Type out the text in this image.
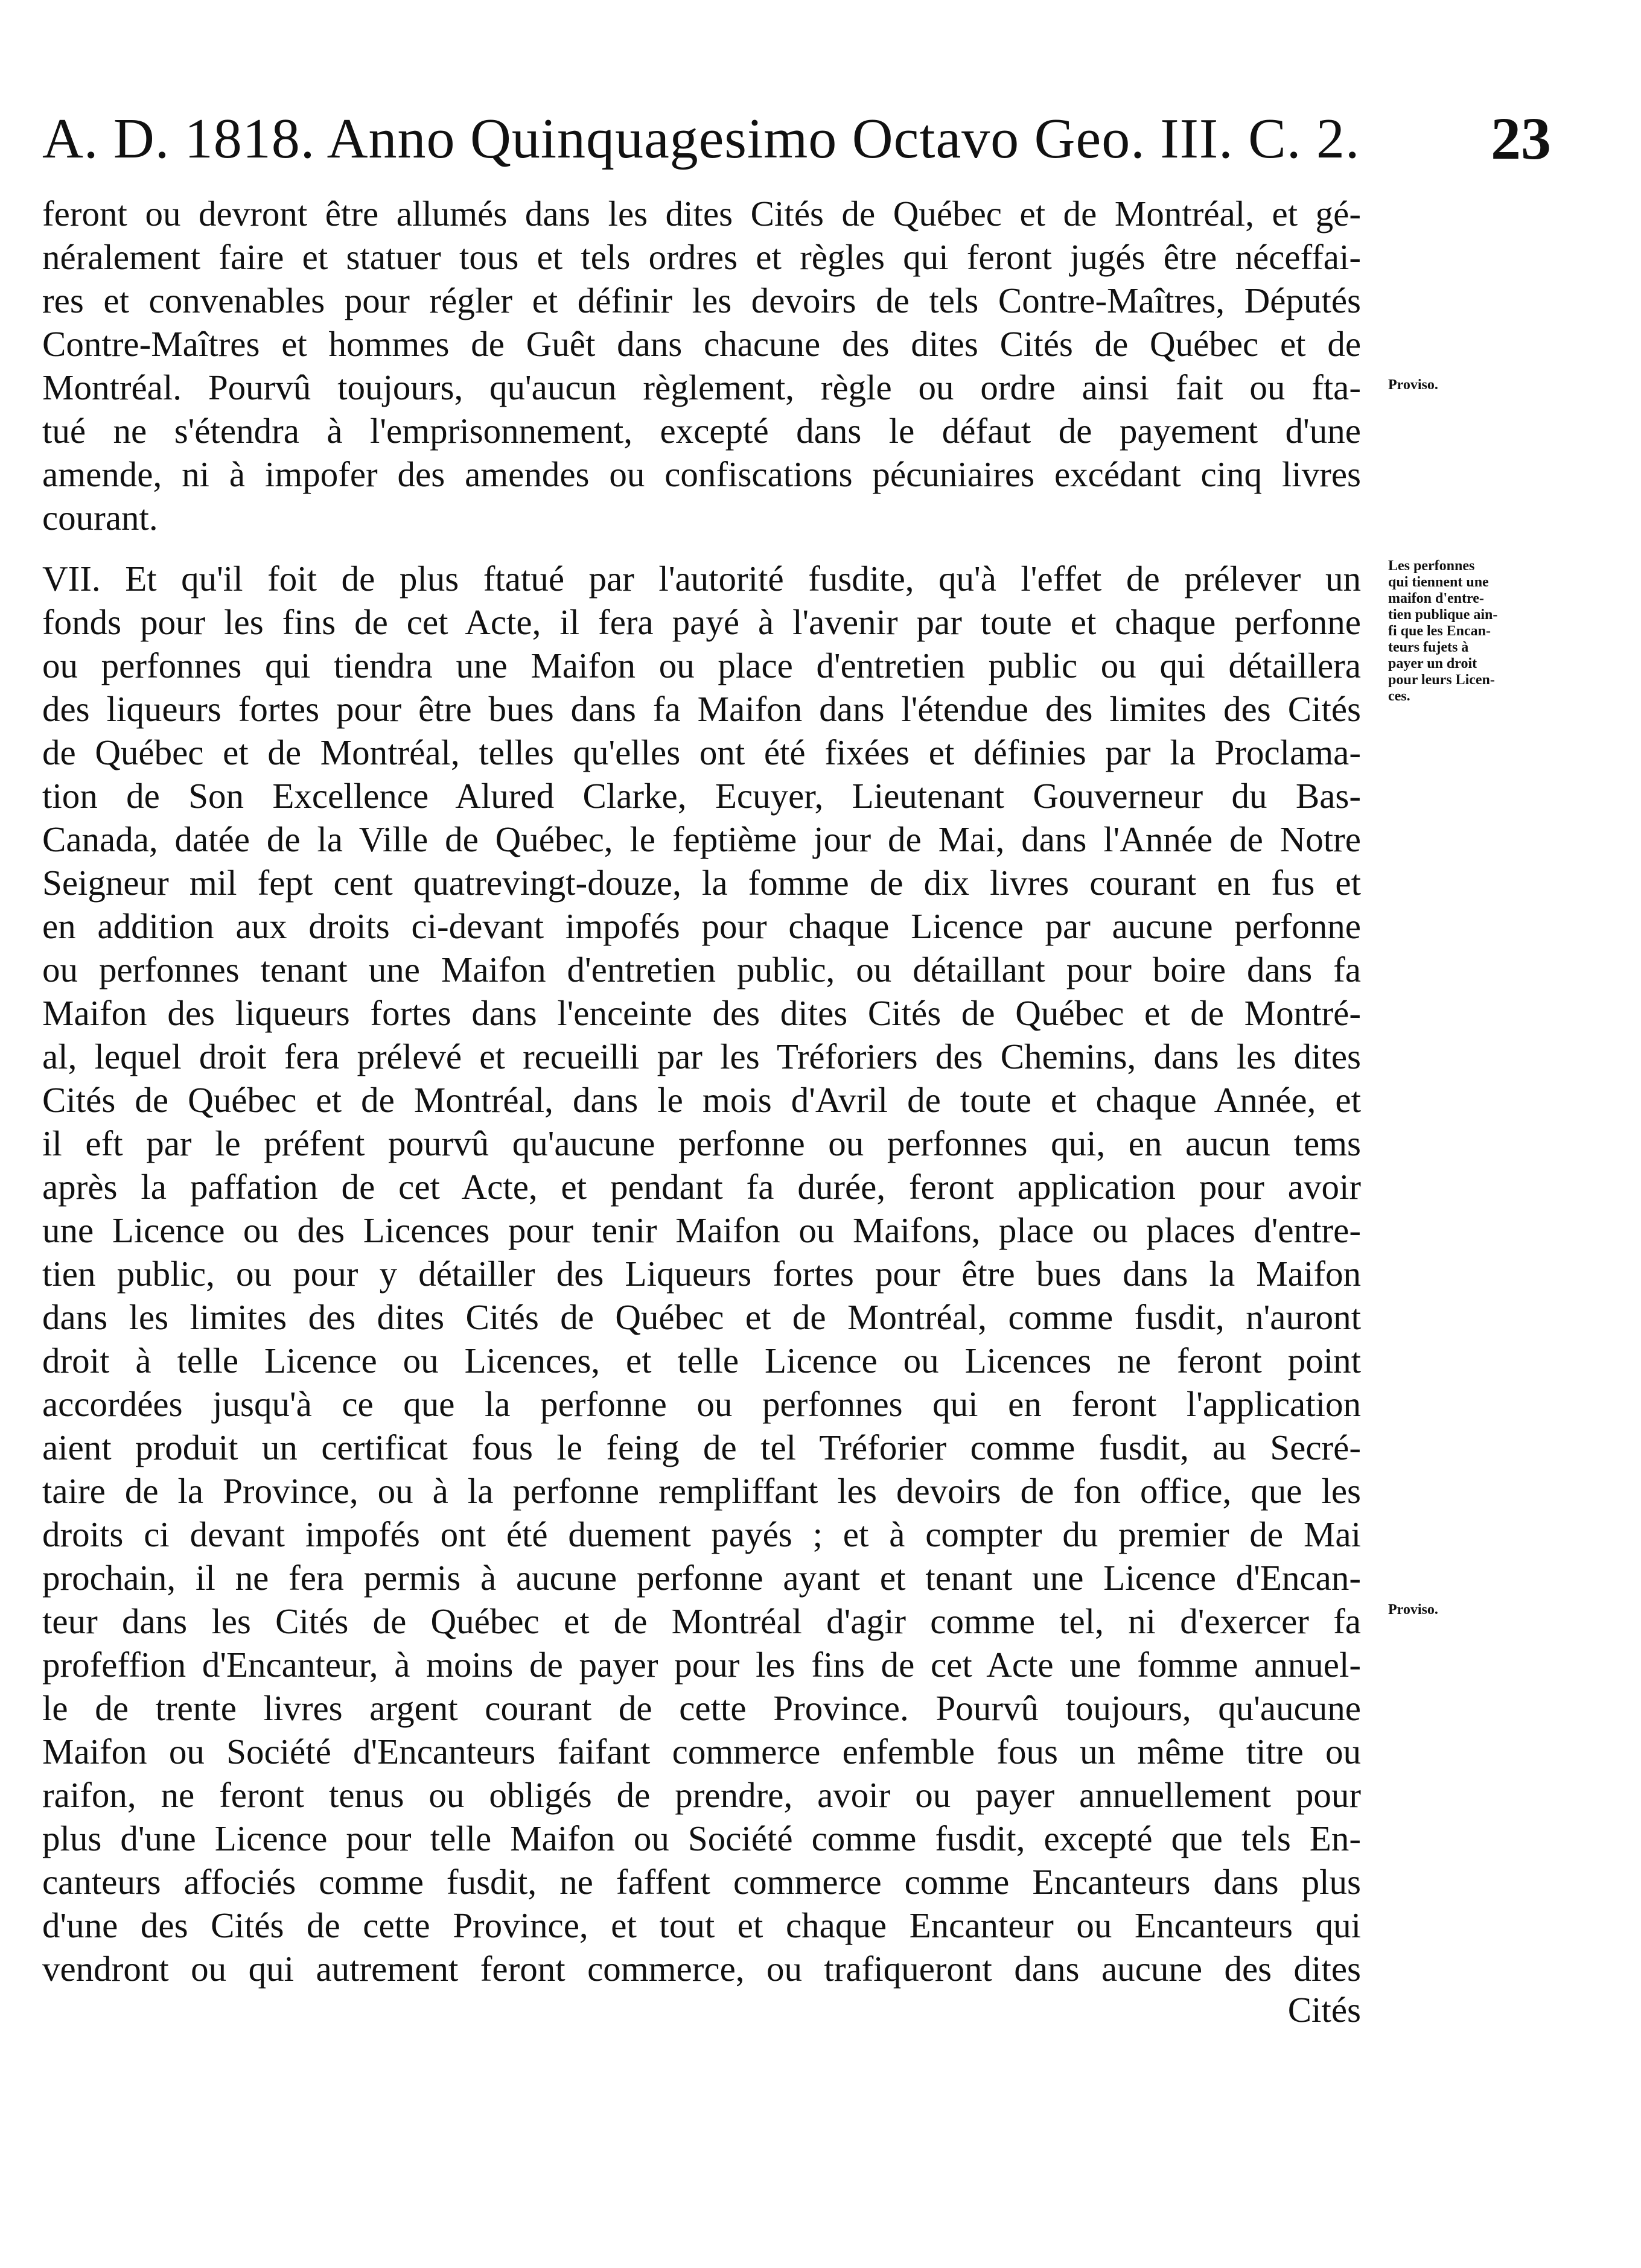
A. D. 1818. Anno Quinquagesimo Octavo Geo. III. C. 2. 23
feront ou devront être allumés dans les dites Cités de Québec et de Montréal, et gé-
néralement faire et statuer tous et tels ordres et règles qui feront jugés être néceffai-
res et convenables pour régler et définir les devoirs de tels Contre-Maîtres, Députés
Contre-Maîtres et hommes de Guêt dans chacune des dites Cités de Québec et de
Montréal. Pourvû toujours, qu'aucun règlement, règle ou ordre ainsi fait ou fta-
tué ne s'étendra à l'emprisonnement, excepté dans le défaut de payement d'une
amende, ni à impofer des amendes ou confiscations pécuniaires excédant cinq livres
courant.
VII. Et qu'il foit de plus ftatué par l'autorité fusdite, qu'à l'effet de prélever un
fonds pour les fins de cet Acte, il fera payé à l'avenir par toute et chaque perfonne
ou perfonnes qui tiendra une Maifon ou place d'entretien public ou qui détaillera
des liqueurs fortes pour être bues dans fa Maifon dans l'étendue des limites des Cités
de Québec et de Montréal, telles qu'elles ont été fixées et définies par la Proclama-
tion de Son Excellence Alured Clarke, Ecuyer, Lieutenant Gouverneur du Bas-
Canada, datée de la Ville de Québec, le feptième jour de Mai, dans l'Année de Notre
Seigneur mil fept cent quatrevingt-douze, la fomme de dix livres courant en fus et
en addition aux droits ci-devant impofés pour chaque Licence par aucune perfonne
ou perfonnes tenant une Maifon d'entretien public, ou détaillant pour boire dans fa
Maifon des liqueurs fortes dans l'enceinte des dites Cités de Québec et de Montré-
al, lequel droit fera prélevé et recueilli par les Tréforiers des Chemins, dans les dites
Cités de Québec et de Montréal, dans le mois d'Avril de toute et chaque Année, et
il eft par le préfent pourvû qu'aucune perfonne ou perfonnes qui, en aucun tems
après la paffation de cet Acte, et pendant fa durée, feront application pour avoir
une Licence ou des Licences pour tenir Maifon ou Maifons, place ou places d'entre-
tien public, ou pour y détailler des Liqueurs fortes pour être bues dans la Maifon
dans les limites des dites Cités de Québec et de Montréal, comme fusdit, n'auront
droit à telle Licence ou Licences, et telle Licence ou Licences ne feront point
accordées jusqu'à ce que la perfonne ou perfonnes qui en feront l'application
aient produit un certificat fous le feing de tel Tréforier comme fusdit, au Secré-
taire de la Province, ou à la perfonne rempliffant les devoirs de fon office, que les
droits ci devant impofés ont été duement payés ; et à compter du premier de Mai
prochain, il ne fera permis à aucune perfonne ayant et tenant une Licence d'Encan-
teur dans les Cités de Québec et de Montréal d'agir comme tel, ni d'exercer fa
profeffion d'Encanteur, à moins de payer pour les fins de cet Acte une fomme annuel-
le de trente livres argent courant de cette Province. Pourvû toujours, qu'aucune
Maifon ou Société d'Encanteurs faifant commerce enfemble fous un même titre ou
raifon, ne feront tenus ou obligés de prendre, avoir ou payer annuellement pour
plus d'une Licence pour telle Maifon ou Société comme fusdit, excepté que tels En-
canteurs affociés comme fusdit, ne faffent commerce comme Encanteurs dans plus
d'une des Cités de cette Province, et tout et chaque Encanteur ou Encanteurs qui
vendront ou qui autrement feront commerce, ou trafiqueront dans aucune des dites
Cités
Proviso.
Les perfonnes
qui tiennent une
maifon d'entre-
tien publique ain-
fi que les Encan-
teurs fujets à
payer un droit
pour leurs Licen-
ces.
Proviso.
